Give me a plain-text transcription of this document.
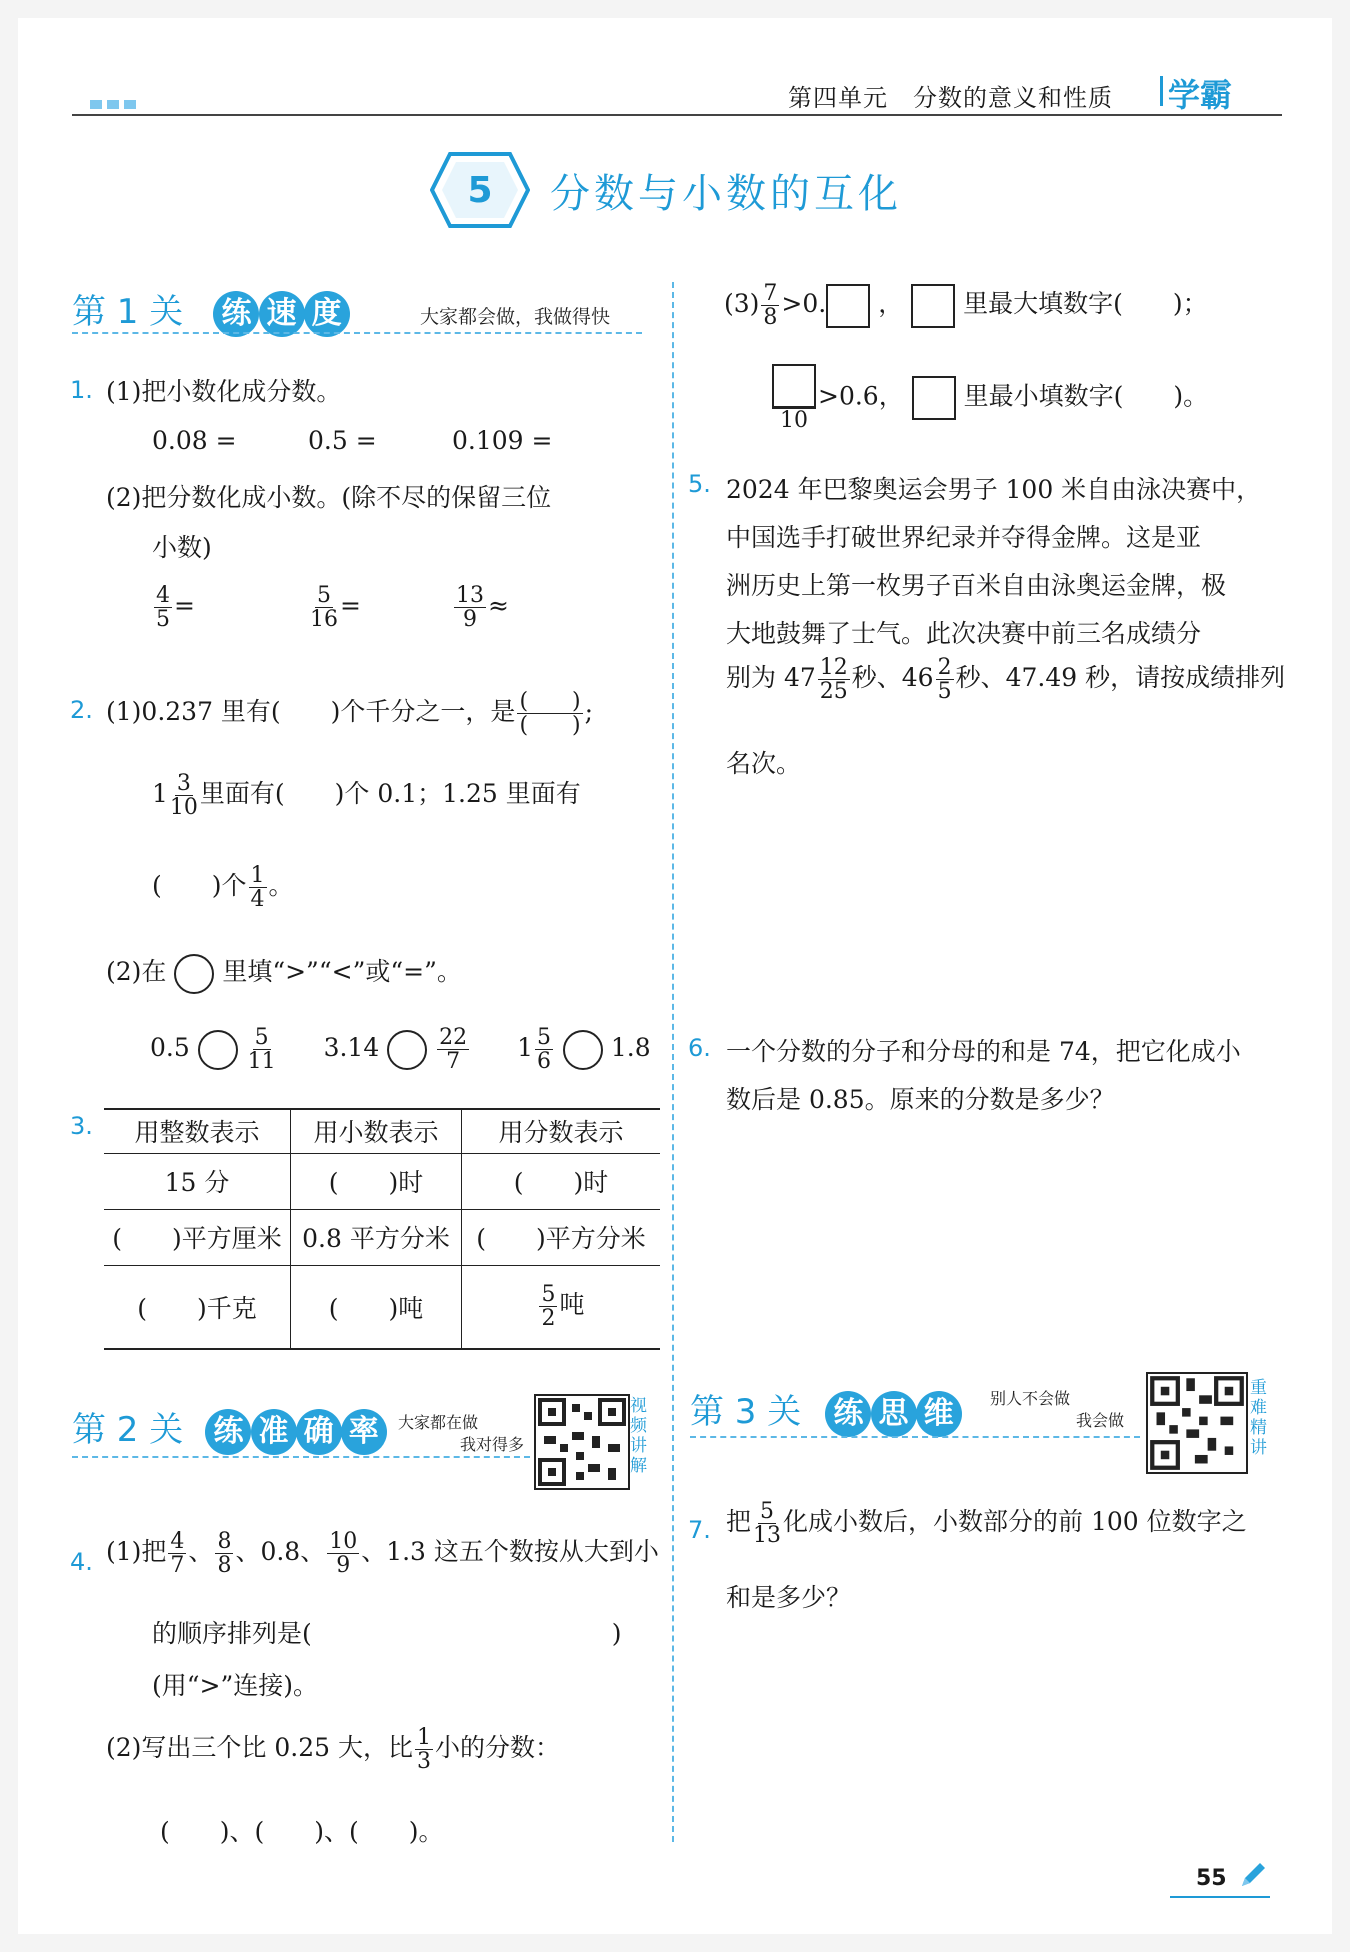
第四单元　分数的意义和性质 学霸
5 分数与小数的互化
第 1 关 练 速 度	大家都会做，我做得快
1. (1)把小数化成分数。
0.08 =	0.5 =	0.109 =
(2)把分数化成小数。(除不尽的保留三位
小数)
$\frac{4}{5}$ =	$\frac{5}{16}$ =	$\frac{13}{9}$ ≈
2. (1)0.237 里有(　　)个千分之一，是 $\frac{( )}{( )}$ ;
$1 \frac{3}{10}$ 里面有(　　)个 0.1；1.25 里面有
(　　)个 $\frac{1}{4}$ 。
(2)在 里填“>”“<”或“=”。
0.5	$\frac{5}{11} 3.14$	$\frac{22}{7} 1 \frac{5}{6} 1.8$
3. 用整数表示	用小数表示	用分数表示
15 分	(　　)时	(　　)时
(　　)平方厘米	0.8 平方分米	(　　)平方分米
(　　)千克	(　　)吨	$\frac{5}{2}$ 吨
第 2 关 练 准 确 率 大家都在做
我对得多
视
频
讲
解
4. (1)把 $\frac{4}{7}$ 、 $\frac{8}{8}$ 、0.8、 $\frac{10}{9}$ 、1.3 这五个数按从大到小
的顺序排列是(　　　　　　　　　　　　)
(用“>”连接)。
(2)写出三个比 0.25 大，比 $\frac{1}{3}$ 小的分数：
(　　)、(　　)、(　　)。
$(3) \frac{7}{8} >0$. ， 里最大填数字(　　)；
10
>0.6， 里最小填数字(　　)。
5. 2024 年巴黎奥运会男子 100 米自由泳决赛中，
中国选手打破世界纪录并夺得金牌。这是亚
洲历史上第一枚男子百米自由泳奥运金牌，极
大地鼓舞了士气。此次决赛中前三名成绩分
别为 $47 \frac{12}{25}$ 秒、$46 \frac{2}{5}$ 秒、47.49 秒，请按成绩排列
名次。
6. 一个分数的分子和分母的和是 74，把它化成小
数后是 0.85。原来的分数是多少？
第 3 关 练 思 维 别人不会做
我会做
重
难
精
讲
7. 把 $\frac{5}{13}$ 化成小数后，小数部分的前 100 位数字之
和是多少？
55
